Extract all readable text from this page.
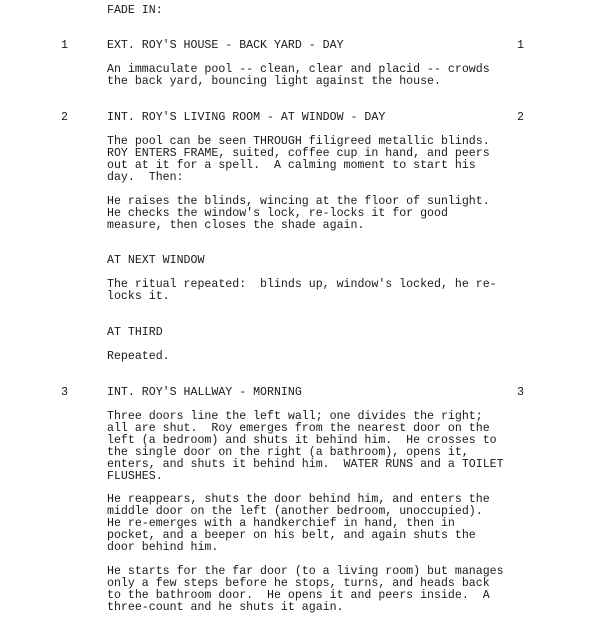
FADE IN:
1	EXT. ROY'S HOUSE - BACK YARD - DAY	1
An immaculate pool -- clean, clear and placid -- crowds
the back yard, bouncing light against the house.
2	INT. ROY'S LIVING ROOM - AT WINDOW - DAY	2
The pool can be seen THROUGH filigreed metallic blinds.
ROY ENTERS FRAME, suited, coffee cup in hand, and peers
out at it for a spell.  A calming moment to start his
day.  Then:
He raises the blinds, wincing at the floor of sunlight.
He checks the window's lock, re-locks it for good
measure, then closes the shade again.
AT NEXT WINDOW
The ritual repeated:  blinds up, window's locked, he re-
locks it.
AT THIRD
Repeated.
3	INT. ROY'S HALLWAY - MORNING	3
Three doors line the left wall; one divides the right;
all are shut.  Roy emerges from the nearest door on the
left (a bedroom) and shuts it behind him.  He crosses to
the single door on the right (a bathroom), opens it,
enters, and shuts it behind him.  WATER RUNS and a TOILET
FLUSHES.
He reappears, shuts the door behind him, and enters the
middle door on the left (another bedroom, unoccupied).
He re-emerges with a handkerchief in hand, then in
pocket, and a beeper on his belt, and again shuts the
door behind him.
He starts for the far door (to a living room) but manages
only a few steps before he stops, turns, and heads back
to the bathroom door.  He opens it and peers inside.  A
three-count and he shuts it again.
